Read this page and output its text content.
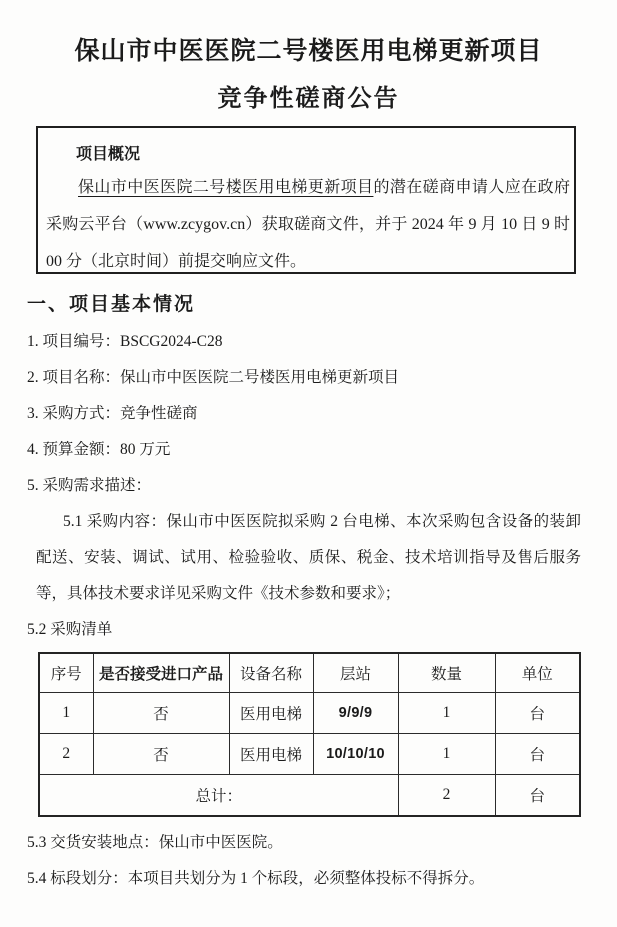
保山市中医医院二号楼医用电梯更新项目
竞争性磋商公告
项目概况

保山市中医医院二号楼医用电梯更新项目的潜在磋商申请人应在政府采购云平台（www.zcygov.cn）获取磋商文件，并于 2024 年 9 月 10 日 9 时 00 分（北京时间）前提交响应文件。

一、项目基本情况

1. 项目编号：BSCG2024-C28

2. 项目名称：保山市中医医院二号楼医用电梯更新项目

3. 采购方式：竞争性磋商

4. 预算金额：80 万元

5. 采购需求描述：

5.1 采购内容：保山市中医医院拟采购 2 台电梯、本次采购包含设备的装卸配送、安装、调试、试用、检验验收、质保、税金、技术培训指导及售后服务等，具体技术要求详见采购文件《技术参数和要求》；

5.2 采购清单

序号	是否接受进口产品	设备名称	层站	数量	单位
1	否	医用电梯	9/9/9	1	台
2	否	医用电梯	10/10/10	1	台
总计：				2	台

5.3 交货安装地点：保山市中医医院。

5.4 标段划分：本项目共划分为 1 个标段，必须整体投标不得拆分。
